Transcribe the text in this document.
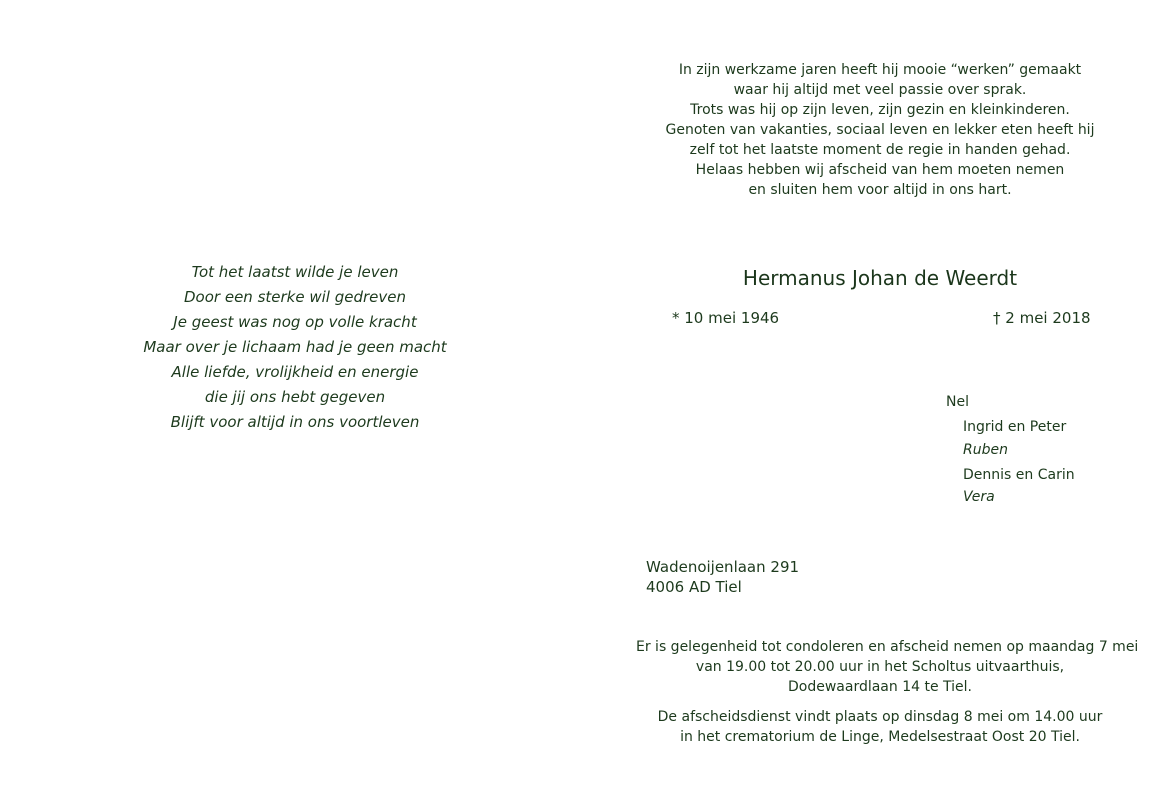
Tot het laatst wilde je leven
Door een sterke wil gedreven
Je geest was nog op volle kracht
Maar over je lichaam had je geen macht
Alle liefde, vrolijkheid en energie
die jij ons hebt gegeven
Blijft voor altijd in ons voortleven
In zijn werkzame jaren heeft hij mooie “werken” gemaakt
waar hij altijd met veel passie over sprak.
Trots was hij op zijn leven, zijn gezin en kleinkinderen.
Genoten van vakanties, sociaal leven en lekker eten heeft hij
zelf tot het laatste moment de regie in handen gehad.
Helaas hebben wij afscheid van hem moeten nemen
en sluiten hem voor altijd in ons hart.
Hermanus Johan de Weerdt
* 10 mei 1946	† 2 mei 2018
Nel
Ingrid en Peter
Ruben
Dennis en Carin
Vera
Wadenoijenlaan 291
4006 AD Tiel
Er is gelegenheid tot condoleren en afscheid nemen op maandag 7 mei
van 19.00 tot 20.00 uur in het Scholtus uitvaarthuis,
Dodewaardlaan 14 te Tiel.
De afscheidsdienst vindt plaats op dinsdag 8 mei om 14.00 uur
in het crematorium de Linge, Medelsestraat Oost 20 Tiel.
